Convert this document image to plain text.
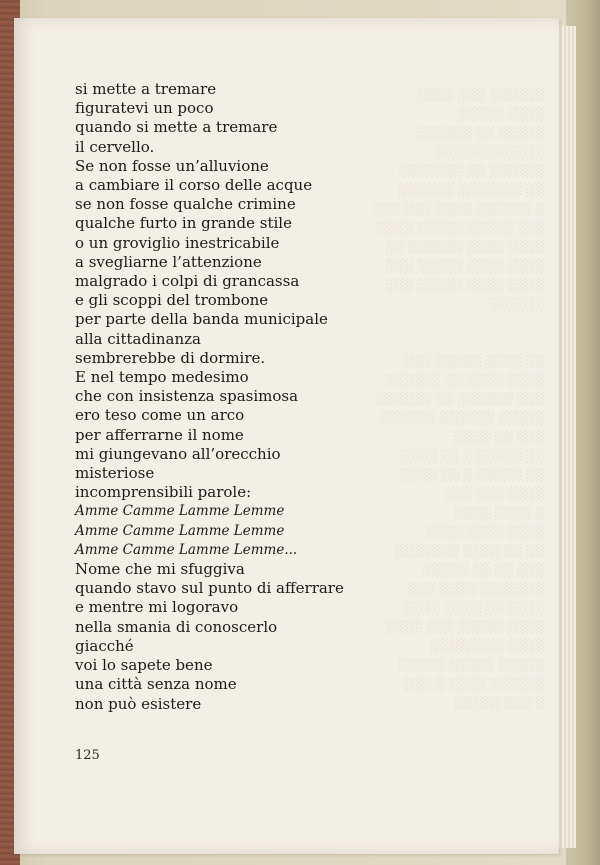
░░░░░░ ░░░ ░░░░
░░░░ ░░░░░
░░░░░ ░░ ░░░░░░
░░░░░░░░░░░░
░░░░░░ ░░ ░░░░░░░
░░ ░░░░░░░ ░░░░░░
░ ░░░░░░ ░░░░ ░░░ ░░░
░░░ ░░░░░ ░░░░░ ░░░░
░░░░ ░░░░ ░░░░░░ ░░
░░░░ ░░░░ ░░░░░ ░░░
░░░░ ░░░░ ░░░░░ ░░░
░░░░░░

░░ ░░░░ ░░░░░ ░░░
░░░░ ░░░░ ░░ ░░░░░░
░░░ ░░░░░░ ░░ ░░░░░░
░░░░░ ░░░░░░ ░░░░░░
░░░ ░░ ░░░░
░░ ░░░░░ ░ ░░ ░░░░
░░ ░░░░░ ░ ░░ ░░░░
░░░░ ░░░ ░░░
░ ░░░░ ░░░░
░░░░ ░░░░ ░░░░
░░ ░░ ░░░░ ░░░░░░░
░░░ ░░ ░░ ░░░░░
░░░░░░░ ░░░░ ░░░
░░░░ ░░ ░░░░ ░░░░
░░░░ ░░░░░ ░░░ ░░░░
░░░░ ░░░░░░░░
░░░░░ ░░░░░ ░░░░░
░░░░░░ ░░░░ ░ ░░░
░ ░░░ ░░░░░
si mette a tremare
figuratevi un poco
quando si mette a tremare
il cervello.
Se non fosse un’alluvione
a cambiare il corso delle acque
se non fosse qualche crimine
qualche furto in grande stile
o un groviglio inestricabile
a svegliarne l’attenzione
malgrado i colpi di grancassa
e gli scoppi del trombone
per parte della banda municipale
alla cittadinanza
sembrerebbe di dormire.
E nel tempo medesimo
che con insistenza spasimosa
ero teso come un arco
per afferrarne il nome
mi giungevano all’orecchio
misteriose
incomprensibili parole:
Amme Camme Lamme Lemme
Amme Camme Lamme Lemme
Amme Camme Lamme Lemme...
Nome che mi sfuggiva
quando stavo sul punto di afferrare
e mentre mi logoravo
nella smania di conoscerlo
giacché
voi lo sapete bene
una città senza nome
non può esistere
125
